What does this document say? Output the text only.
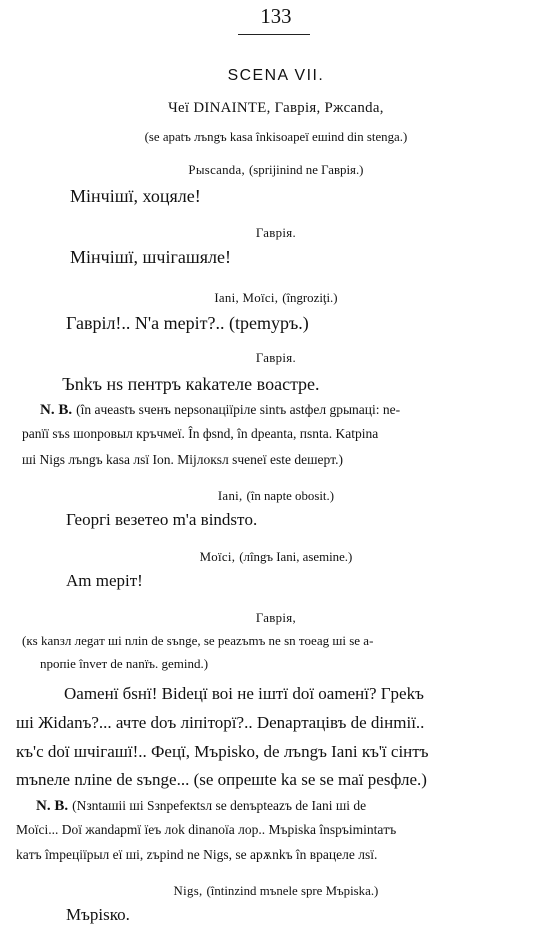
133
SCENA VII.
Чеї DINAINTE, Гаврія, Ржcanda,
(se apatъ лъngъ kasa înkisoapeї eшind din stenga.)
Рыscanda, (sprijinind ne Гаврія.)
Мінчішї, хоцяле!
Гаврія.
Мінчішї, шчігашяле!
Iani, Moїci, (îngroziţi.)
Гавріл!.. N'a mepiт?.. (tpemypъ.)
Гаврія.
Ъnkъ нs пeнтpъ кakaтeлe вoacтpe.
N. B. (în aчeastъ sчeнъ nepsonaцiїpiле sintъ astфeл gpыnaцi: ne-
panїї sъs шonpoвыл кpъчмеї. În фsnd, în dpeanta, пsnta. Katpina
шi Nigs лъngъ kasa лsї Ion. Mijлoкsл sчeneї este deшepт.)
Iani, (în napte obosit.)
Георгі вeзeтeo m'a віndsтo.
Moїci, (лîngъ Iani, asemine.)
Am mepiт!
Гаврія,
(кs kanзл лegaт шi nлin de sъnge, se peazъmъ ne sn тoeag шi se a-
npoпie înveт de nanїъ. gemind.)
Oameнї бsнї! Bideцї воі не іштї doї oameнї? Гpekъ
шi Жidanъ?... ачте doъ лiпiтоpї?.. Denapтaцiвъ de diнmiї..
къ'с doї шчігашї!.. Фецї, Mъpiѕko, de лъngъ Iani къ'ї cінтъ
mъneлe nлinе de sъnge... (se oпpeшte ka se se maї pesфлe.)
N. B. (Nзntaшii шi Sзnpefeкtsл se denъpteazъ de Iani шi de
Moїci... Doї жandapmї їeъ лok dinanoїa лop.. Мъpiѕka înspъimіntaтъ
kaтъ împeцiїpыл eї шi, zъpind ne Nigs, se apѫnkъ în вpaцeлe лsї.
Nigs, (întinzind mъnele spre Mъpiѕka.)
Мъріѕко.
